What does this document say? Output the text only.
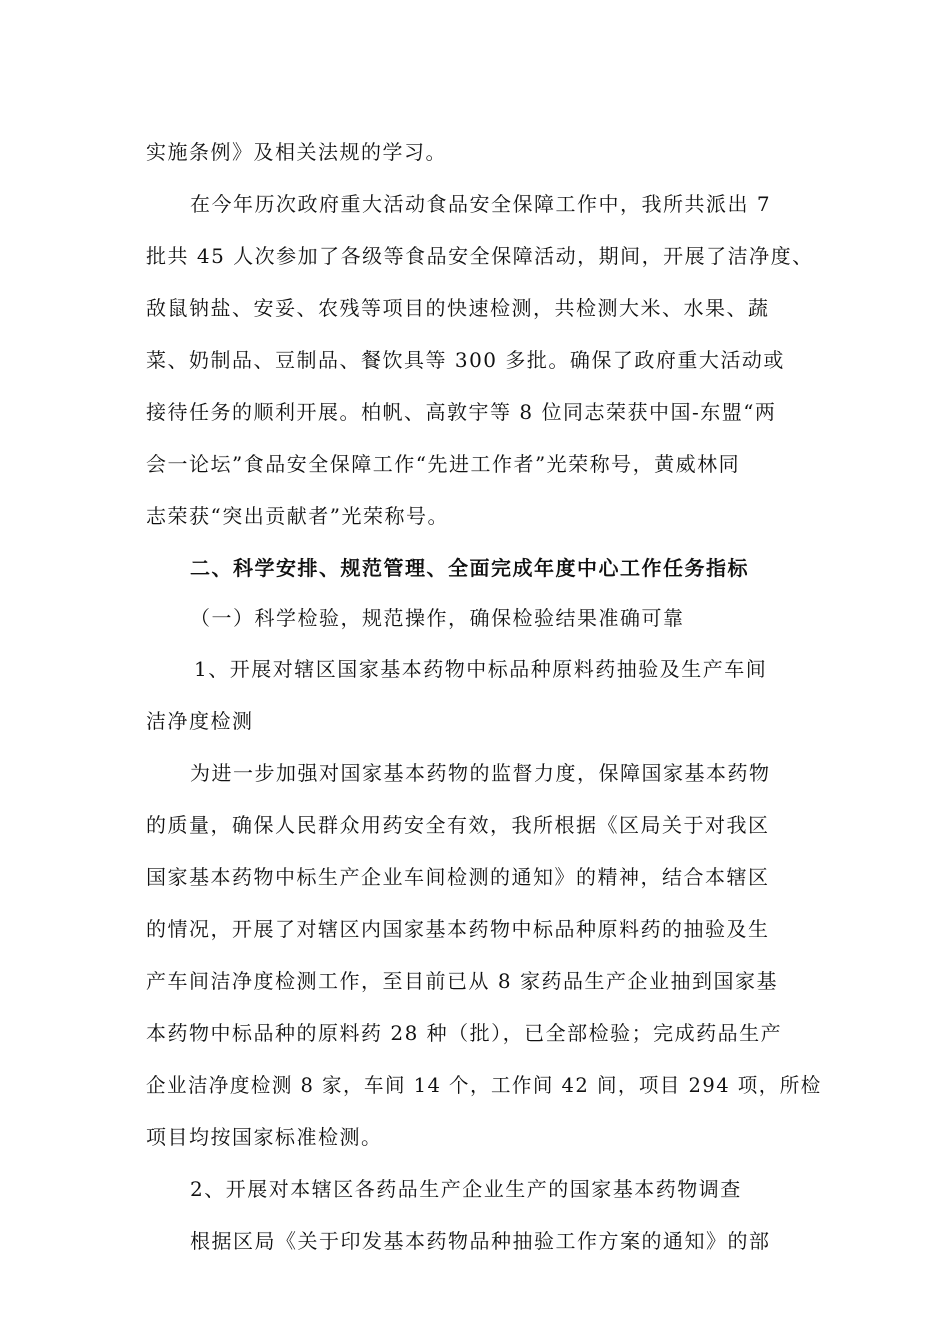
实施条例》及相关法规的学习。
在今年历次政府重大活动食品安全保障工作中，我所共派出 7
批共 45 人次参加了各级等食品安全保障活动，期间，开展了洁净度、
敌鼠钠盐、安妥、农残等项目的快速检测，共检测大米、水果、蔬
菜、奶制品、豆制品、餐饮具等 300 多批。确保了政府重大活动或
接待任务的顺利开展。柏帆、高敦宇等 8 位同志荣获中国-东盟“两
会一论坛”食品安全保障工作“先进工作者”光荣称号，黄威林同
志荣获“突出贡献者”光荣称号。
二、科学安排、规范管理、全面完成年度中心工作任务指标
（一）科学检验，规范操作，确保检验结果准确可靠
1、开展对辖区国家基本药物中标品种原料药抽验及生产车间
洁净度检测
为进一步加强对国家基本药物的监督力度，保障国家基本药物
的质量，确保人民群众用药安全有效，我所根据《区局关于对我区
国家基本药物中标生产企业车间检测的通知》的精神，结合本辖区
的情况，开展了对辖区内国家基本药物中标品种原料药的抽验及生
产车间洁净度检测工作，至目前已从 8 家药品生产企业抽到国家基
本药物中标品种的原料药 28 种（批），已全部检验；完成药品生产
企业洁净度检测 8 家，车间 14 个，工作间 42 间，项目 294 项，所检
项目均按国家标准检测。
2、开展对本辖区各药品生产企业生产的国家基本药物调查
根据区局《关于印发基本药物品种抽验工作方案的通知》的部
